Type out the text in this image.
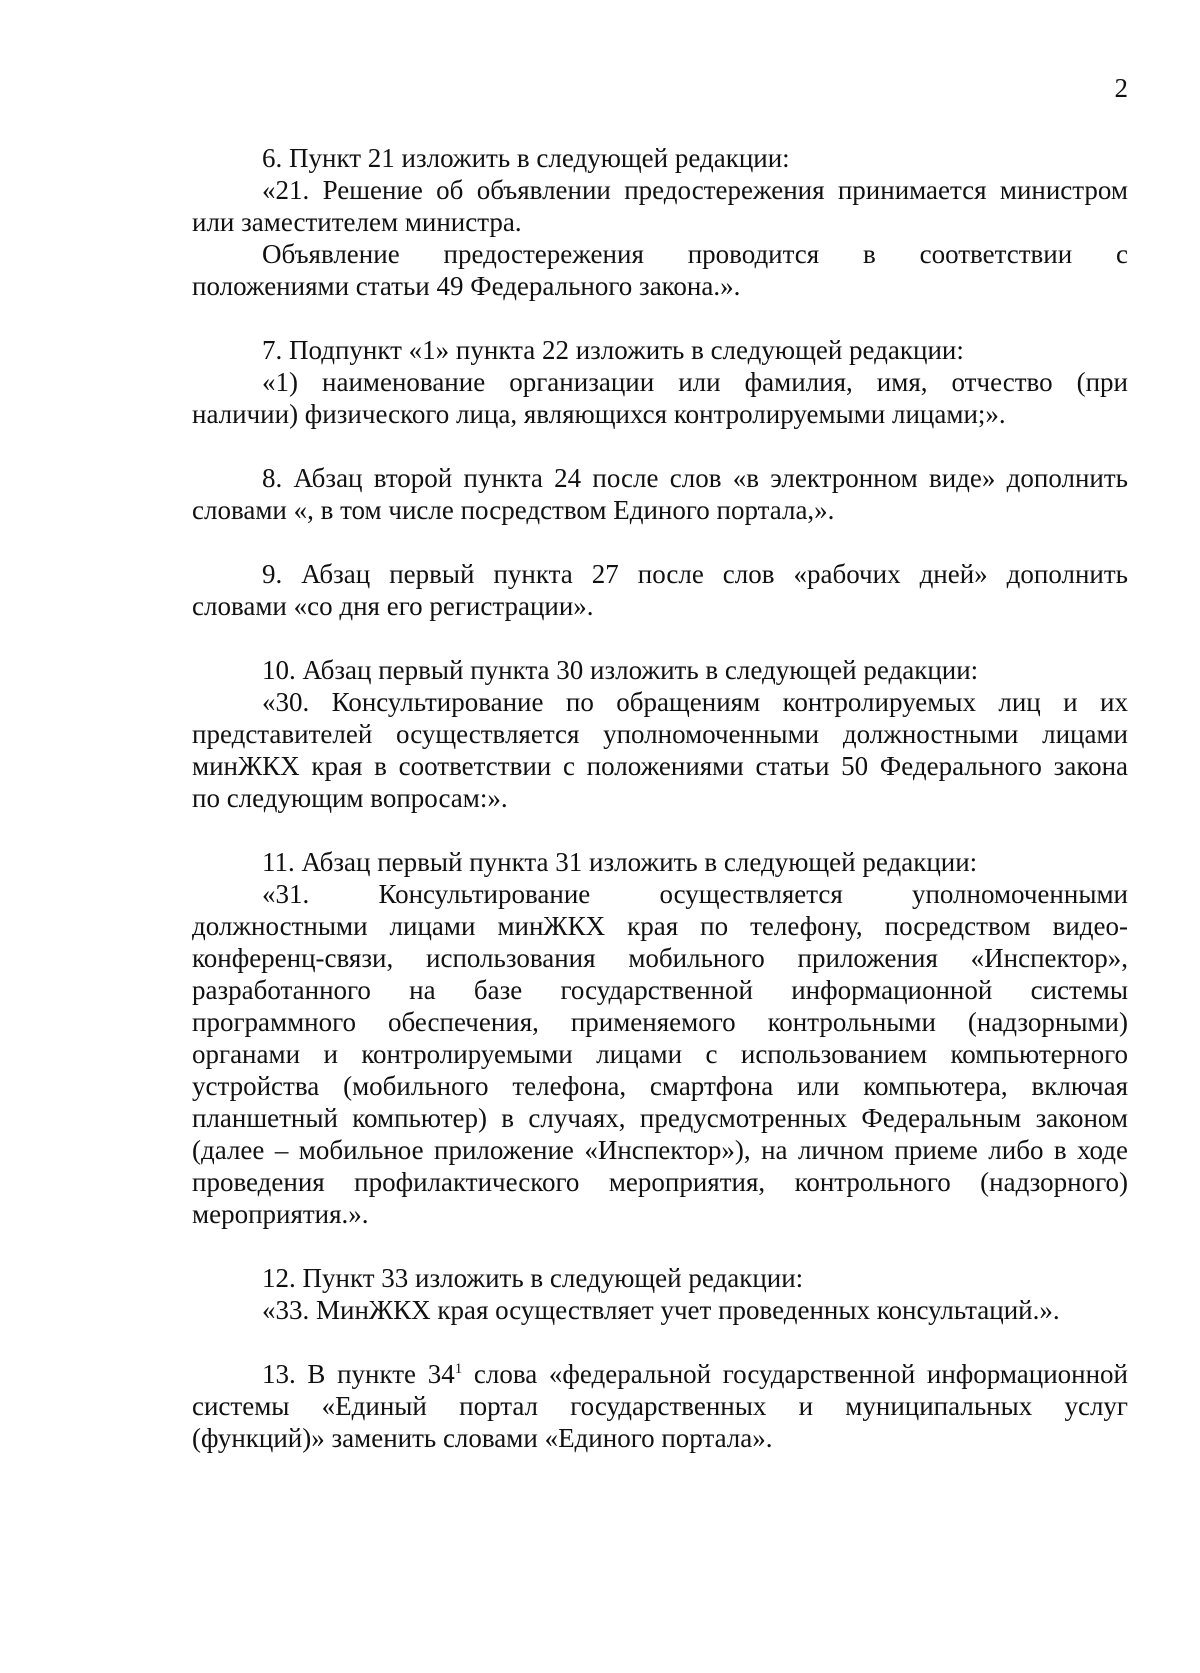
2
6. Пункт 21 изложить в следующей редакции:
«21. Решение об объявлении предостережения принимается министром
или заместителем министра.
Объявление предостережения проводится в соответствии с
положениями статьи 49 Федерального закона.».
7. Подпункт «1» пункта 22 изложить в следующей редакции:
«1) наименование организации или фамилия, имя, отчество (при
наличии) физического лица, являющихся контролируемыми лицами;».
8. Абзац второй пункта 24 после слов «в электронном виде» дополнить
словами «, в том числе посредством Единого портала,».
9. Абзац первый пункта 27 после слов «рабочих дней» дополнить
словами «со дня его регистрации».
10. Абзац первый пункта 30 изложить в следующей редакции:
«30. Консультирование по обращениям контролируемых лиц и их
представителей осуществляется уполномоченными должностными лицами
минЖКХ края в соответствии с положениями статьи 50 Федерального закона
по следующим вопросам:».
11. Абзац первый пункта 31 изложить в следующей редакции:
«31. Консультирование осуществляется уполномоченными
должностными лицами минЖКХ края по телефону, посредством видео-
конференц-связи, использования мобильного приложения «Инспектор»,
разработанного на базе государственной информационной системы
программного обеспечения, применяемого контрольными (надзорными)
органами и контролируемыми лицами с использованием компьютерного
устройства (мобильного телефона, смартфона или компьютера, включая
планшетный компьютер) в случаях, предусмотренных Федеральным законом
(далее – мобильное приложение «Инспектор»), на личном приеме либо в ходе
проведения профилактического мероприятия, контрольного (надзорного)
мероприятия.».
12. Пункт 33 изложить в следующей редакции:
«33. МинЖКХ края осуществляет учет проведенных консультаций.».
13. В пункте $34^1$ слова «федеральной государственной информационной
системы «Единый портал государственных и муниципальных услуг
(функций)» заменить словами «Единого портала».
